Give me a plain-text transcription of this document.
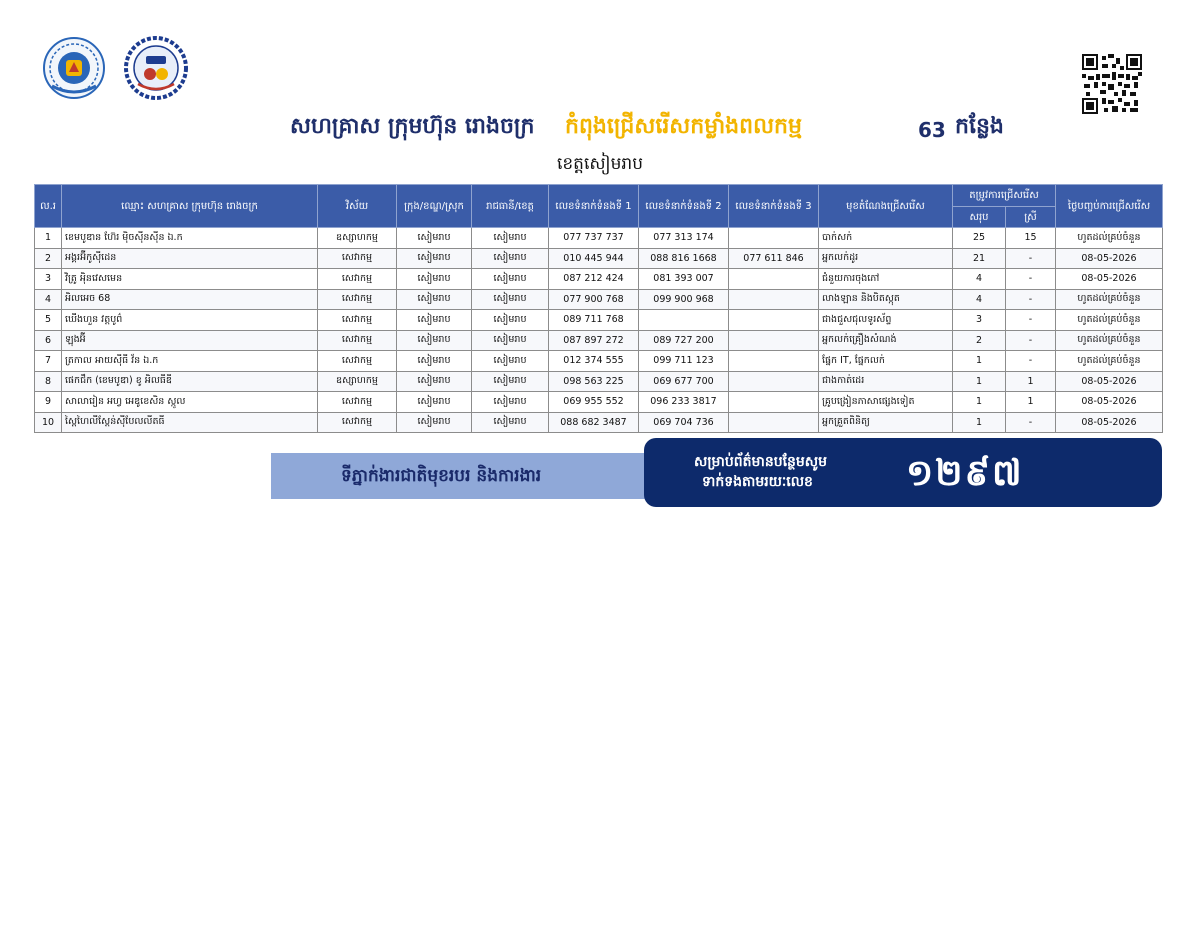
សហគ្រាស ក្រុមហ៊ុន រោងចក្រ កំពុងជ្រើសរើសកម្លាំងពលកម្ម	63 កន្លែង
ខេត្តសៀមរាប
ល.រ	ឈ្មោះ សហគ្រាស ក្រុមហ៊ុន រោងចក្រ	វិស័យ	ក្រុង/ខណ្ឌ/ស្រុក	រាជធានី/ខេត្ត	លេខទំនាក់ទំនងទី 1	លេខទំនាក់ទំនងទី 2	លេខទំនាក់ទំនងទី 3	មុខតំណែងជ្រើសរើស	តម្រូវការជ្រើសរើស		ថ្ងៃបញ្ចប់ការជ្រើសរើស
									សរុប	ស្រី	
1	ខេមបូឌាន ហ៊ែរ ម៉ិចស៊ីនស៊ីន ឯ.ក	ឧស្សាហកម្ម	សៀមរាប	សៀមរាប	077 737 737	077 313 174		បាក់សក់	25	15	ហូតដល់គ្រប់ចំនួន
2	អង្គរអ៊ីកូស៊ីដេន	សេវាកម្ម	សៀមរាប	សៀមរាប	010 445 944	088 816 1668	077 611 846	អ្នកលក់ដូរ	21	-	08-05-2026
3	វិត្រូ អុិនវេសមេន	សេវាកម្ម	សៀមរាប	សៀមរាប	087 212 424	081 393 007		ជំនួយការចុងភៅ	4	-	08-05-2026
4	អិលអេច 68	សេវាកម្ម	សៀមរាប	សៀមរាប	077 900 768	099 900 968		លាងឡាន និងបិតស្កុត	4	-	ហូតដល់គ្រប់ចំនួន
5	ឃើងហួន វត្តបូព៌	សេវាកម្ម	សៀមរាប	សៀមរាប	089 711 768			ជាងជួសជុលទូរស័ព្ទ	3	-	ហូតដល់គ្រប់ចំនួន
6	ឡុងអ៊ី	សេវាកម្ម	សៀមរាប	សៀមរាប	087 897 272	089 727 200		អ្នកលក់គ្រឿងសំណង់	2	-	ហូតដល់គ្រប់ចំនួន
7	ត្រកាល អាយស៊ីធី វ័ន ឯ.ក	សេវាកម្ម	សៀមរាប	សៀមរាប	012 374 555	099 711 123		ផ្នែក IT, ផ្នែកលក់	1	-	ហូតដល់គ្រប់ចំនួន
8	ផេកជឹក (ខេមបូឌា) ខូ អិលធីឌី	ឧស្សាហកម្ម	សៀមរាប	សៀមរាប	098 563 225	069 677 700		ជាងកាត់ដេរ	1	1	08-05-2026
9	សាលារៀន អហ្វ អេឌូខេសិន ស្កូល	សេវាកម្ម	សៀមរាប	សៀមរាប	069 955 552	096 233 3817		គ្រូបង្រៀនភាសាផ្សេងទៀត	1	1	08-05-2026
10	ស្ពៃហៃលីស្ដែន់ស៊ីបែលលីតធី	សេវាកម្ម	សៀមរាប	សៀមរាប	088 682 3487	069 704 736		អ្នកគ្រួតពិនិត្យ	1	-	08-05-2026
ទីភ្នាក់ងារជាតិមុខរបរ និងការងារ
សម្រាប់ព័ត៌មានបន្ថែមសូម
ទាក់ទងតាមរយៈលេខ	១២៩៧
